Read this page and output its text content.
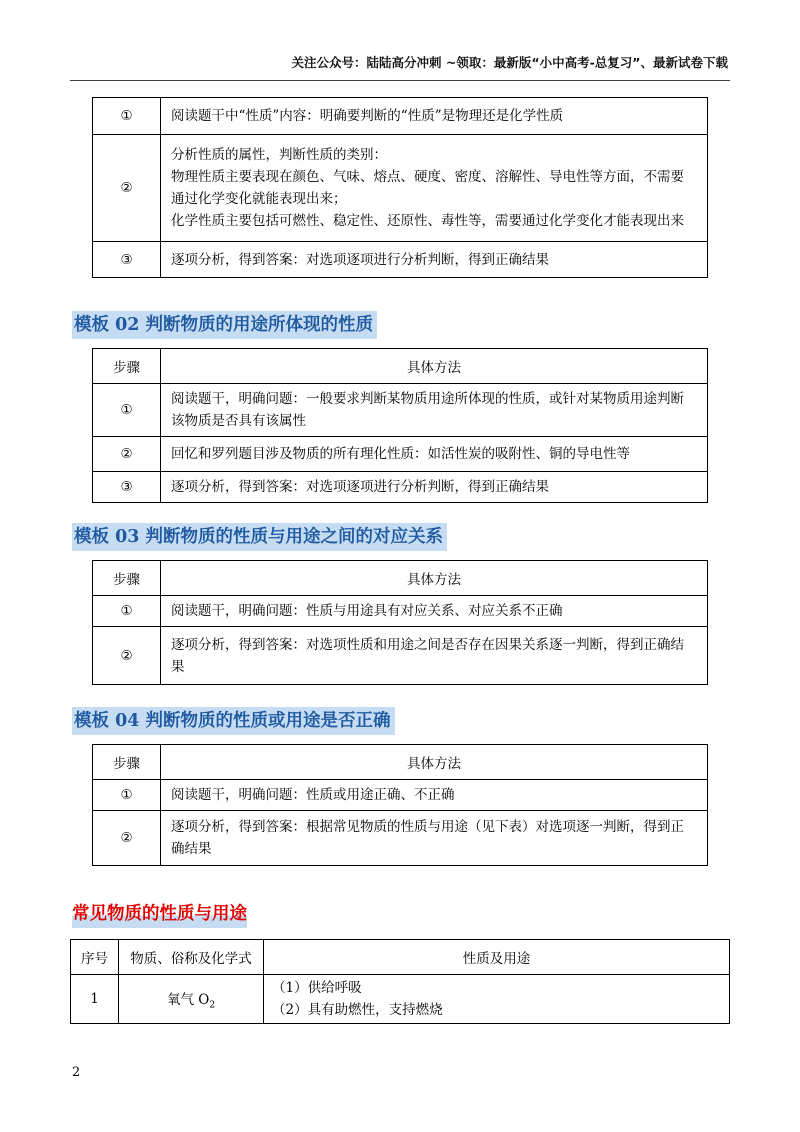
关注公众号：陆陆高分冲刺 ~领取：最新版“小中高考-总复习”、最新试卷下载
①	阅读题干中“性质”内容：明确要判断的“性质”是物理还是化学性质
②	分析性质的属性，判断性质的类别：
物理性质主要表现在颜色、气味、熔点、硬度、密度、溶解性、导电性等方面，不需要通过化学变化就能表现出来；
化学性质主要包括可燃性、稳定性、还原性、毒性等，需要通过化学变化才能表现出来

③	逐项分析，得到答案：对选项逐项进行分析判断，得到正确结果
模板 02 判断物质的用途所体现的性质
步骤	具体方法
①	阅读题干，明确问题：一般要求判断某物质用途所体现的性质，或针对某物质用途判断该物质是否具有该属性
②	回忆和罗列题目涉及物质的所有理化性质：如活性炭的吸附性、铜的导电性等
③	逐项分析，得到答案：对选项逐项进行分析判断，得到正确结果
模板 03 判断物质的性质与用途之间的对应关系
步骤	具体方法
①	阅读题干，明确问题：性质与用途具有对应关系、对应关系不正确
②	逐项分析，得到答案：对选项性质和用途之间是否存在因果关系逐一判断，得到正确结果
模板 04 判断物质的性质或用途是否正确
步骤	具体方法
①	阅读题干，明确问题：性质或用途正确、不正确
②	逐项分析，得到答案：根据常见物质的性质与用途（见下表）对选项逐一判断，得到正确结果
常见物质的性质与用途
序号	物质、俗称及化学式	性质及用途
1	氧气 $O_2$	（1）供给呼吸
（2）具有助燃性，支持燃烧
2
